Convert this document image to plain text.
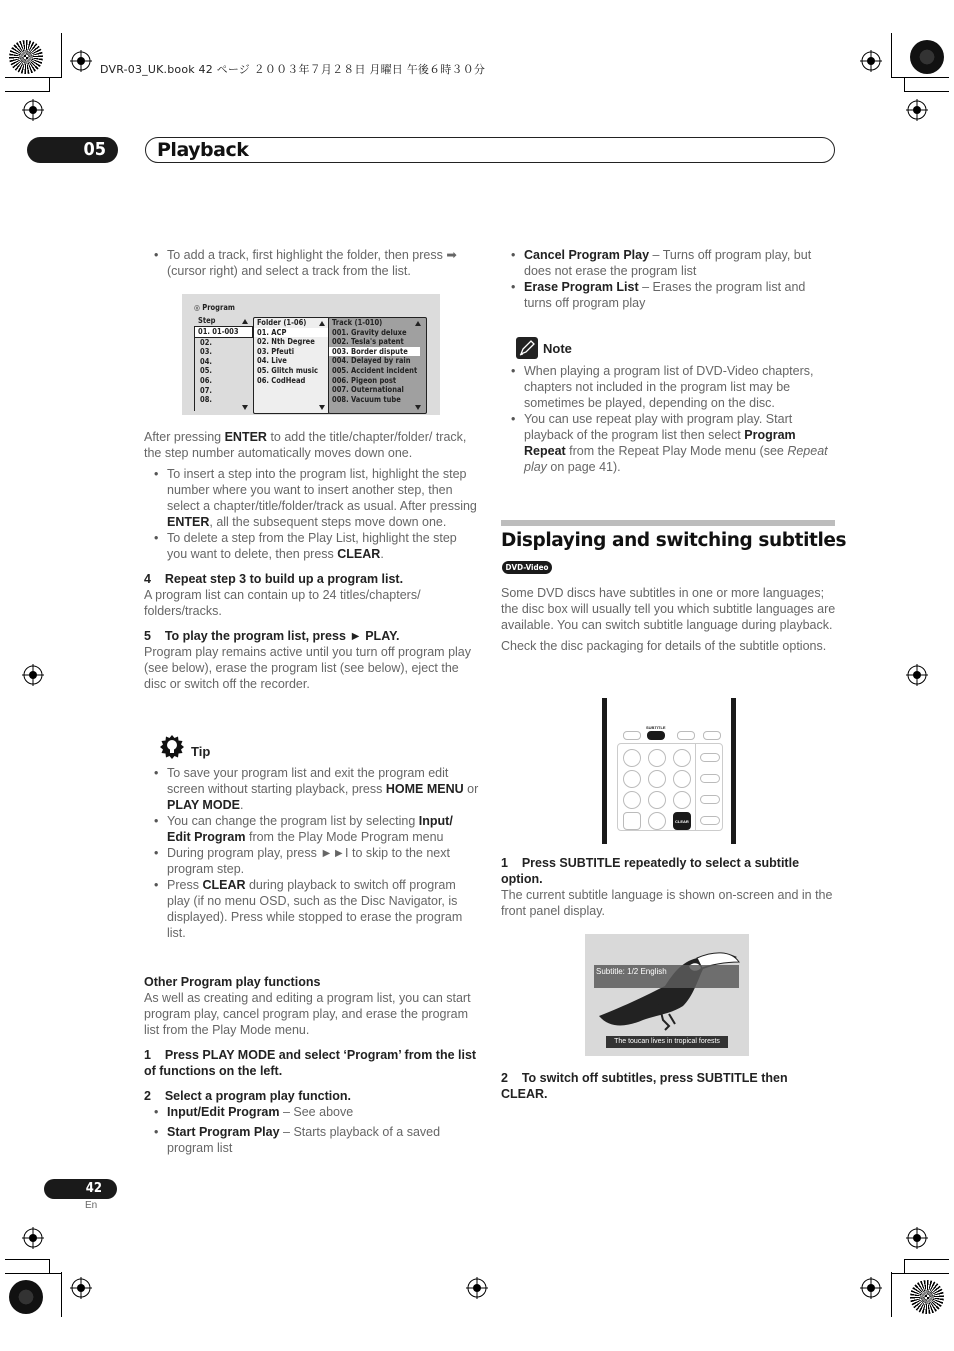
DVR-03_UK.book 42 ページ ２００３年７月２８日 月曜日 午後６時３０分
05	Playback

• To add a track, first highlight the folder, then press ➡ (cursor right) and select a track from the list.

◎ Program
Step
01. 01-003
02.
03.
04.
05.
06.
07.
08.
Folder (1-06)
01. ACP
02. Nth Degree
03. Pfeuti
04. Live
05. Glitch music
06. CodHead
Track (1-010)
001. Gravity deluxe
002. Tesla's patent
003. Border dispute
004. Delayed by rain
005. Accident incident
006. Pigeon post
007. Outernational
008. Vacuum tube

After pressing ENTER to add the title/chapter/folder/ track, the step number automatically moves down one.

• To insert a step into the program list, highlight the step number where you want to insert another step, then select a chapter/title/folder/track as usual. After pressing ENTER, all the subsequent steps move down one.

• To delete a step from the Play List, highlight the step you want to delete, then press CLEAR.

4    Repeat step 3 to build up a program list.

A program list can contain up to 24 titles/chapters/ folders/tracks.

5    To play the program list, press ► PLAY.

Program play remains active until you turn off program play (see below), erase the program list (see below), eject the disc or switch off the recorder.

Tip

• To save your program list and exit the program edit screen without starting playback, press HOME MENU or PLAY MODE.

• You can change the program list by selecting Input/ Edit Program from the Play Mode Program menu

• During program play, press ►►I to skip to the next program step.

• Press CLEAR during playback to switch off program play (if no menu OSD, such as the Disc Navigator, is displayed). Press while stopped to erase the program list.

Other Program play functions

As well as creating and editing a program list, you can start program play, cancel program play, and erase the program list from the Play Mode menu.

1    Press PLAY MODE and select ‘Program’ from the list of functions on the left.

2    Select a program play function.

• Input/Edit Program – See above

• Start Program Play – Starts playback of a saved program list

• Cancel Program Play – Turns off program play, but does not erase the program list

• Erase Program List – Erases the program list and turns off program play

Note

• When playing a program list of DVD-Video chapters, chapters not included in the program list may be sometimes be played, depending on the disc.

• You can use repeat play with program play. Start playback of the program list then select Program Repeat from the Repeat Play Mode menu (see Repeat play on page 41).

Displaying and switching subtitles
DVD-Video

Some DVD discs have subtitles in one or more languages; the disc box will usually tell you which subtitle languages are available. You can switch subtitle language during playback.

Check the disc packaging for details of the subtitle options.

SUBTITLE
CLEAR

1    Press SUBTITLE repeatedly to select a subtitle option.

The current subtitle language is shown on-screen and in the front panel display.

Subtitle: 1/2 English
The toucan lives in tropical forests

2    To switch off subtitles, press SUBTITLE then CLEAR.

42
En
